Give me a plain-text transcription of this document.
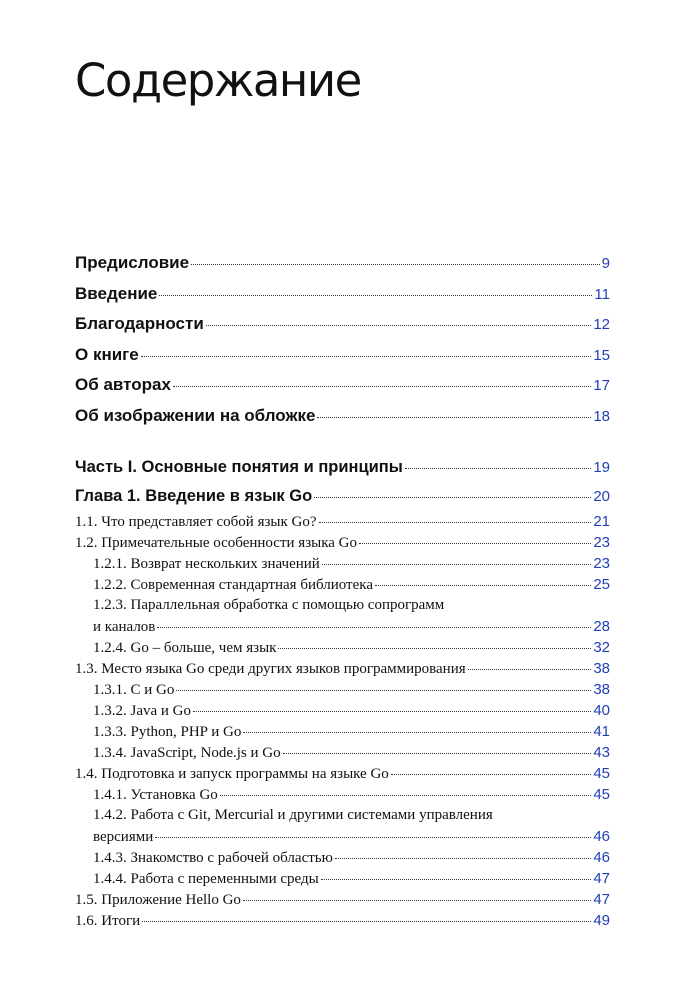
Содержание
Предисловие	9
Введение	11
Благодарности	12
О книге	15
Об авторах	17
Об изображении на обложке	18
Часть I. Основные понятия и принципы	19
Глава 1. Введение в язык Go	20
1.1. Что представляет собой язык Go?	21
1.2. Примечательные особенности языка Go	23
1.2.1. Возврат нескольких значений	23
1.2.2. Современная стандартная библиотека	25
1.2.3. Параллельная обработка с помощью сопрограмм
и каналов	28
1.2.4. Go – больше, чем язык	32
1.3. Место языка Go среди других языков программирования	38
1.3.1. C и Go	38
1.3.2. Java и Go	40
1.3.3. Python, PHP и Go	41
1.3.4. JavaScript, Node.js и Go	43
1.4. Подготовка и запуск программы на языке Go	45
1.4.1. Установка Go	45
1.4.2. Работа с Git, Mercurial и другими системами управления
версиями	46
1.4.3. Знакомство с рабочей областью	46
1.4.4. Работа с переменными среды	47
1.5. Приложение Hello Go	47
1.6. Итоги	49
